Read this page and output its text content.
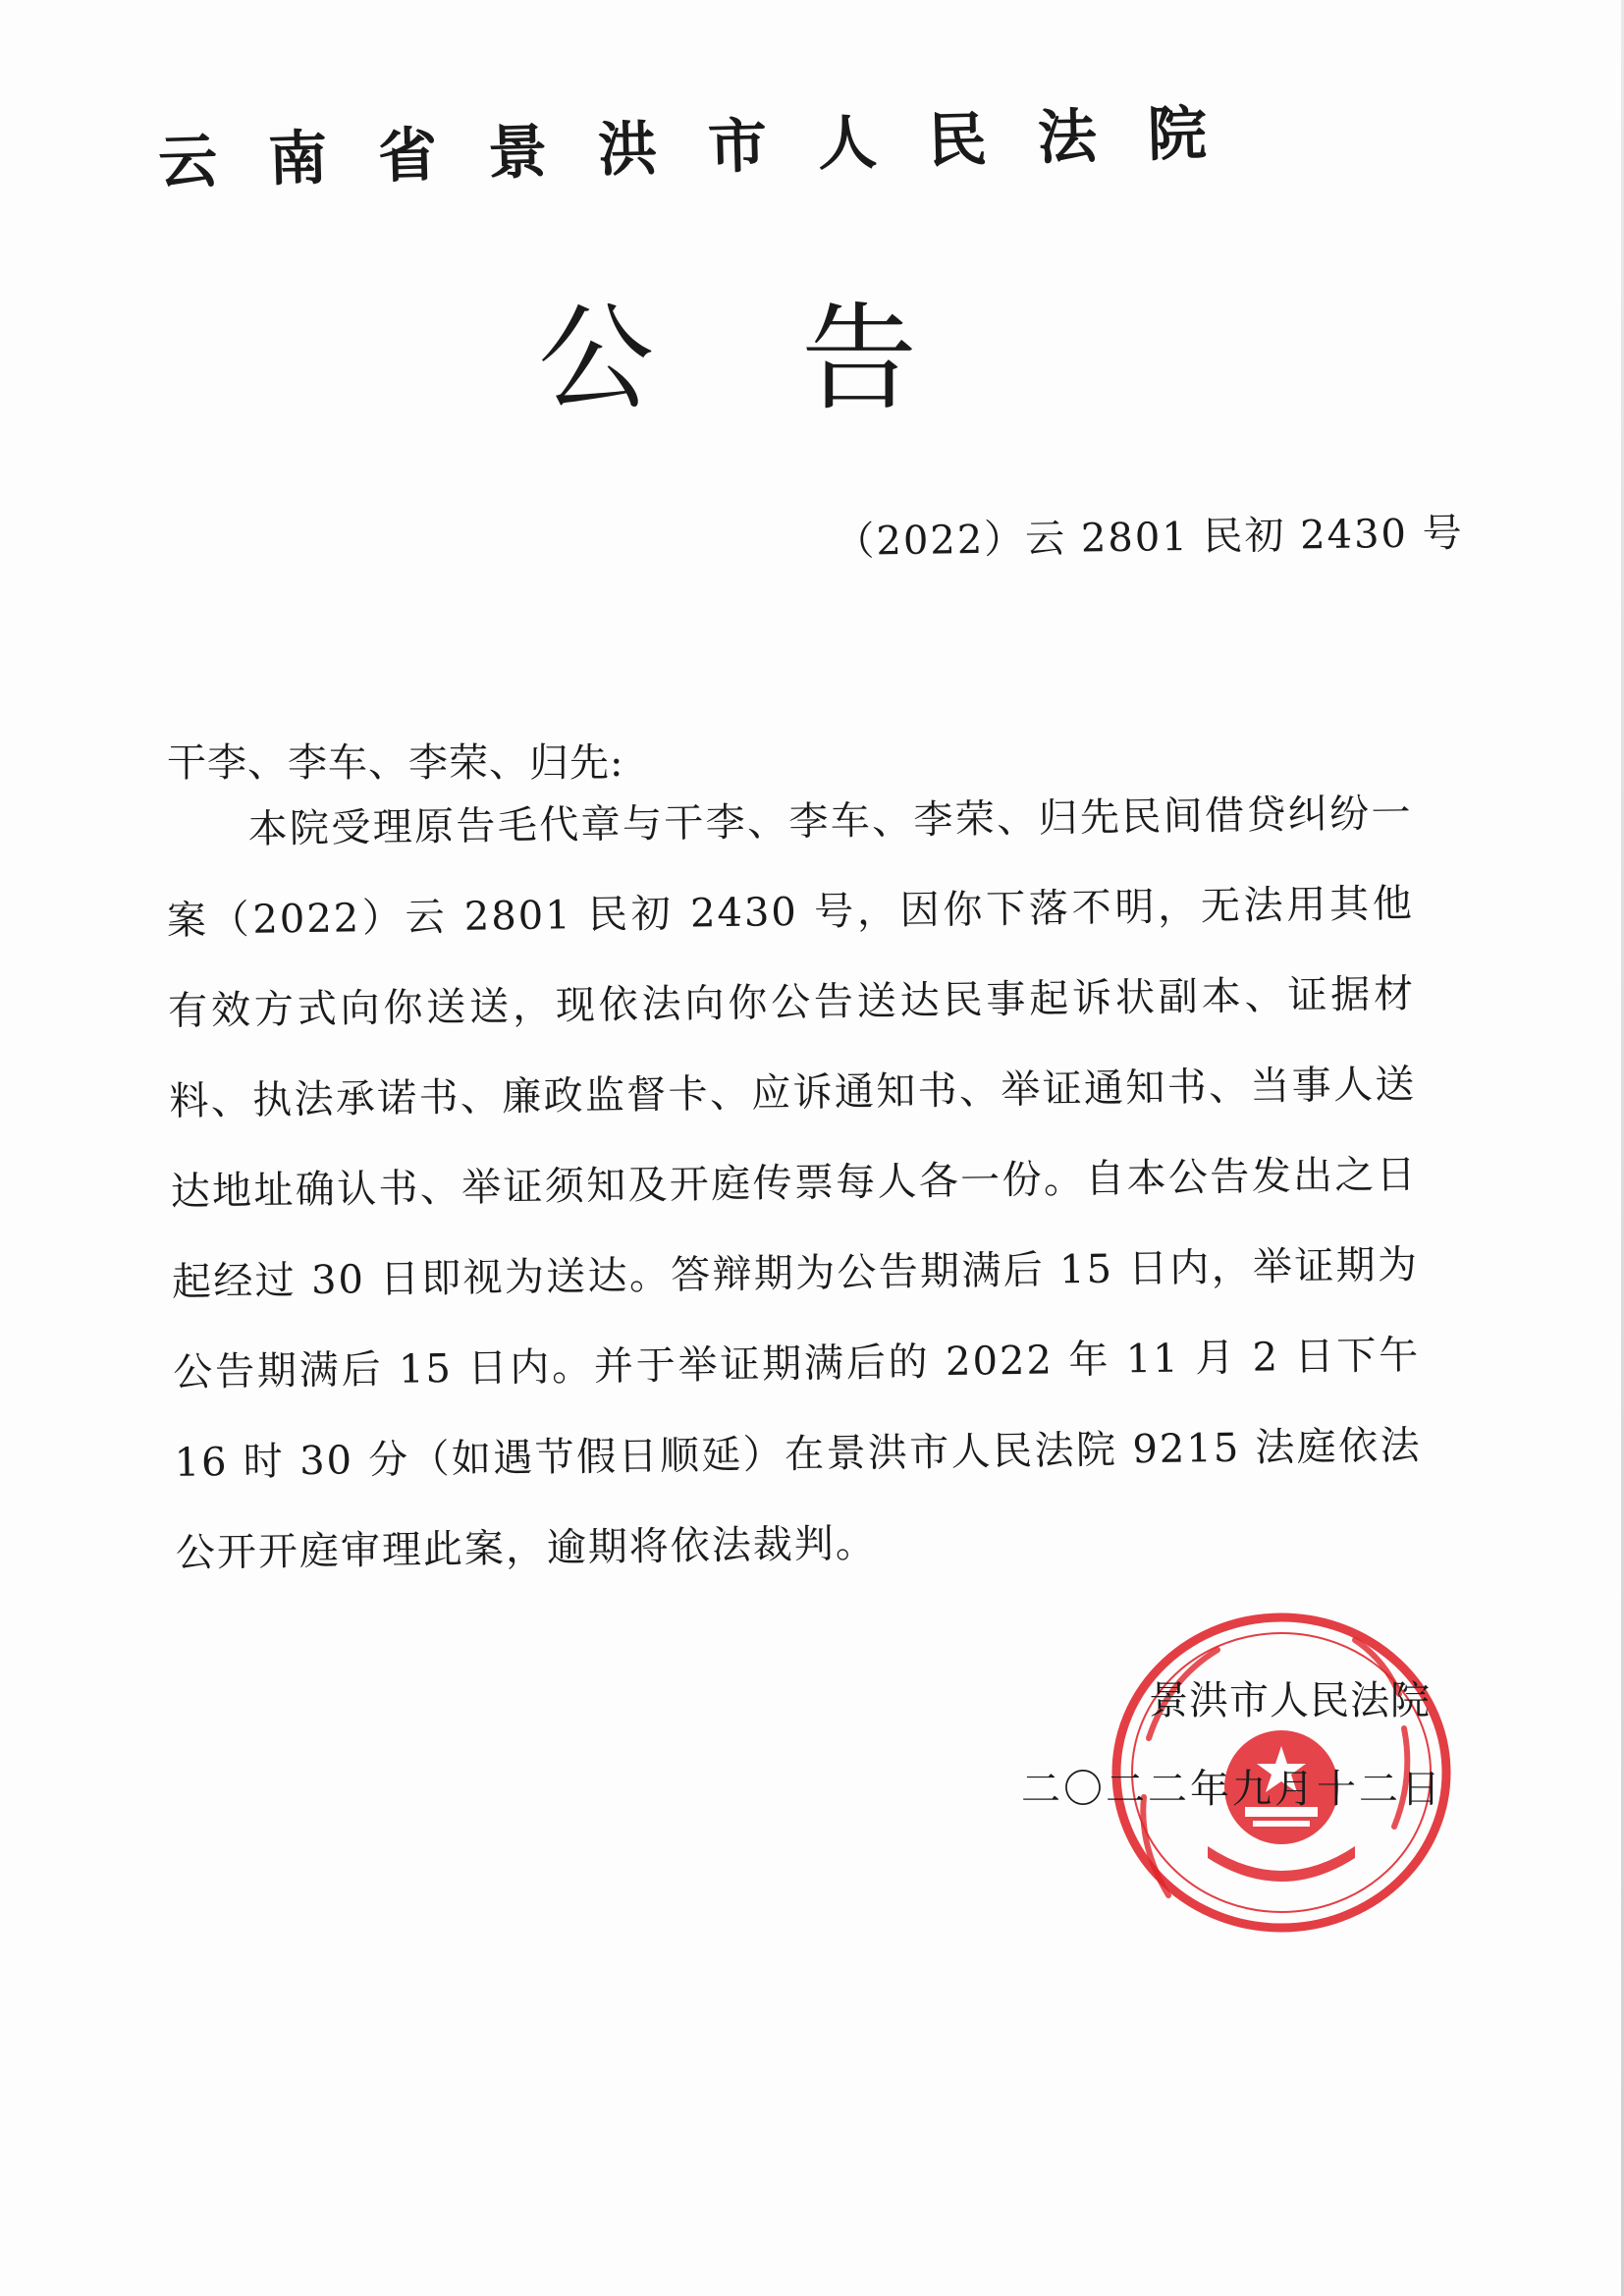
云南省景洪市人民法院
公告
（2022）云 2801 民初 2430 号
干李、李车、李荣、归先:
本院受理原告毛代章与干李、李车、李荣、归先民间借贷纠纷一案（2022）云 2801 民初 2430 号，因你下落不明，无法用其他有效方式向你送送，现依法向你公告送达民事起诉状副本、证据材料、执法承诺书、廉政监督卡、应诉通知书、举证通知书、当事人送达地址确认书、举证须知及开庭传票每人各一份。自本公告发出之日起经过 30 日即视为送达。答辩期为公告期满后 15 日内，举证期为公告期满后 15 日内。并于举证期满后的 2022 年 11 月 2 日下午 16 时 30 分（如遇节假日顺延）在景洪市人民法院 9215 法庭依法公开开庭审理此案，逾期将依法裁判。
景洪市人民法院
二〇二二年九月十二日
